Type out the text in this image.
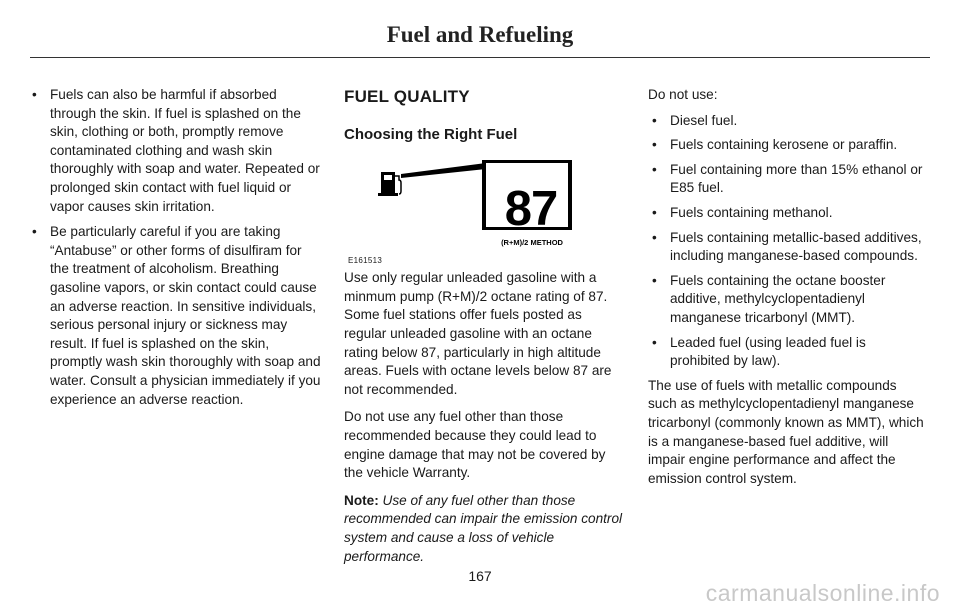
Fuel and Refueling
• Fuels can also be harmful if absorbed through the skin. If fuel is splashed on the skin, clothing or both, promptly remove contaminated clothing and wash skin thoroughly with soap and water. Repeated or prolonged skin contact with fuel liquid or vapor causes skin irritation.
• Be particularly careful if you are taking “Antabuse” or other forms of disulfiram for the treatment of alcoholism. Breathing gasoline vapors, or skin contact could cause an adverse reaction. In sensitive individuals, serious personal injury or sickness may result. If fuel is splashed on the skin, promptly wash skin thoroughly with soap and water. Consult a physician immediately if you experience an adverse reaction.
FUEL QUALITY
Choosing the Right Fuel
87
(R+M)/2 METHOD
E161513

Use only regular unleaded gasoline with a minmum pump (R+M)/2 octane rating of 87. Some fuel stations offer fuels posted as regular unleaded gasoline with an octane rating below 87, particularly in high altitude areas. Fuels with octane levels below 87 are not recommended.

Do not use any fuel other than those recommended because they could lead to engine damage that may not be covered by the vehicle Warranty.

Note: Use of any fuel other than those recommended can impair the emission control system and cause a loss of vehicle performance.

Do not use:

• Diesel fuel.
• Fuels containing kerosene or paraffin.
• Fuel containing more than 15% ethanol or E85 fuel.
• Fuels containing methanol.
• Fuels containing metallic-based additives, including manganese-based compounds.
• Fuels containing the octane booster additive, methylcyclopentadienyl manganese tricarbonyl (MMT).
• Leaded fuel (using leaded fuel is prohibited by law).

The use of fuels with metallic compounds such as methylcyclopentadienyl manganese tricarbonyl (commonly known as MMT), which is a manganese-based fuel additive, will impair engine performance and affect the emission control system.

167
carmanualsonline.info
